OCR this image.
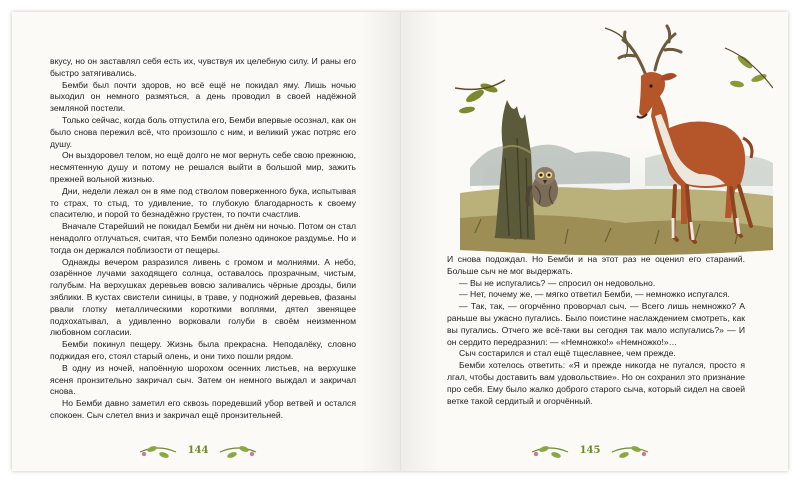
вкусу, но он заставлял себя есть их, чувствуя их целебную силу. И раны его быстро затягивались.

Бемби был почти здоров, но всё ещё не покидал яму. Лишь ночью выходил он немного размяться, а день проводил в своей надёжной земляной постели.

Только сейчас, когда боль отпустила его, Бемби впервые осознал, как он было снова пережил всё, что произошло с ним, и великий ужас потряс его душу.

Он выздоровел телом, но ещё долго не мог вернуть себе свою прежнюю, несмятенную душу и потому не решался выйти в большой мир, зажить прежней вольной жизнью.

Дни, недели лежал он в яме под стволом поверженного бука, испытывая то страх, то стыд, то удивление, то глубокую благодарность к своему спасителю, и порой то безнадёжно грустен, то почти счастлив.

Вначале Старейший не покидал Бемби ни днём ни ночью. Потом он стал ненадолго отлучаться, считая, что Бемби полезно одинокое раздумье. Но и тогда он держался поблизости от пещеры.

Однажды вечером разразился ливень с громом и молниями. А небо, озарённое лучами заходящего солнца, оставалось прозрачным, чистым, голубым. На верхушках деревьев вовсю заливались чёрные дрозды, били зяблики. В кустах свистели синицы, в траве, у подножий деревьев, фазаны рвали глотку металлическими короткими воплями, дятел звенящее подхохатывал, а удивленно ворковали голуби в своём неизменном любовном согласии.

Бемби покинул пещеру. Жизнь была прекрасна. Неподалёку, словно поджидая его, стоял старый олень, и они тихо пошли рядом.

В одну из ночей, напоённую шорохом осенних листьев, на верхушке ясеня пронзительно закричал сыч. Затем он немного выждал и закричал снова.

Но Бемби давно заметил его сквозь поредевший убор ветвей и остался спокоен. Сыч слетел вниз и закричал ещё пронзительней.

И снова подождал. Но Бемби и на этот раз не оценил его стараний. Больше сыч не мог выдержать.

— Вы не испугались? — спросил он недовольно.

— Нет, почему же, — мягко ответил Бемби, — немножко испугался.

— Так, так, — огорчённо проворчал сыч. — Всего лишь немножко? А раньше вы ужасно пугались. Было поистине наслаждением смотреть, как вы пугались. Отчего же всё-таки вы сегодня так мало испугались?» — И он сердито передразнил: — «Немножко!» «Немножко!»…

Сыч состарился и стал ещё тщеславнее, чем прежде.

Бемби хотелось ответить: «Я и прежде никогда не пугался, просто я лгал, чтобы доставить вам удовольствие». Но он сохранил это признание про себя. Ему было жалко доброго старого сыча, который сидел на своей ветке такой сердитый и огорчённый.

144	145
